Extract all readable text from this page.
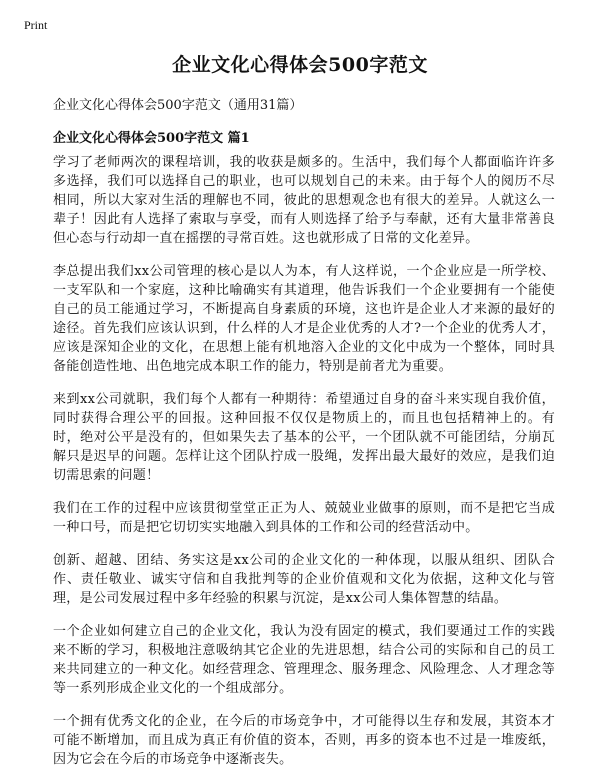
Print
企业文化心得体会500字范文

企业文化心得体会500字范文（通用31篇）

企业文化心得体会500字范文 篇1

学习了老师两次的课程培训，我的收获是颇多的。生活中，我们每个人都面临许许多多选择，我们可以选择自己的职业，也可以规划自己的未来。由于每个人的阅历不尽相同，所以大家对生活的理解也不同，彼此的思想观念也有很大的差异。人就这么一辈子！因此有人选择了索取与享受，而有人则选择了给予与奉献，还有大量非常善良但心态与行动却一直在摇摆的寻常百姓。这也就形成了日常的文化差异。

李总提出我们xx公司管理的核心是以人为本，有人这样说，一个企业应是一所学校、一支军队和一个家庭，这种比喻确实有其道理，他告诉我们一个企业要拥有一个能使自己的员工能通过学习，不断提高自身素质的环境，这也许是企业人才来源的最好的途径。首先我们应该认识到，什么样的人才是企业优秀的人才?一个企业的优秀人才，应该是深知企业的文化，在思想上能有机地溶入企业的文化中成为一个整体，同时具备能创造性地、出色地完成本职工作的能力，特别是前者尤为重要。

来到xx公司就职，我们每个人都有一种期待：希望通过自身的奋斗来实现自我价值，同时获得合理公平的回报。这种回报不仅仅是物质上的，而且也包括精神上的。有时，绝对公平是没有的，但如果失去了基本的公平，一个团队就不可能团结，分崩瓦解只是迟早的问题。怎样让这个团队拧成一股绳，发挥出最大最好的效应，是我们迫切需思索的问题！

我们在工作的过程中应该贯彻堂堂正正为人、兢兢业业做事的原则，而不是把它当成一种口号，而是把它切切实实地融入到具体的工作和公司的经营活动中。

创新、超越、团结、务实这是xx公司的企业文化的一种体现，以服从组织、团队合作、责任敬业、诚实守信和自我批判等的企业价值观和文化为依据，这种文化与管理，是公司发展过程中多年经验的积累与沉淀，是xx公司人集体智慧的结晶。

一个企业如何建立自己的企业文化，我认为没有固定的模式，我们要通过工作的实践来不断的学习，积极地注意吸纳其它企业的先进思想，结合公司的实际和自己的员工来共同建立的一种文化。如经营理念、管理理念、服务理念、风险理念、人才理念等等一系列形成企业文化的一个组成部分。

一个拥有优秀文化的企业，在今后的市场竞争中，才可能得以生存和发展，其资本才可能不断增加，而且成为真正有价值的资本，否则，再多的资本也不过是一堆废纸，因为它会在今后的市场竞争中逐渐丧失。
